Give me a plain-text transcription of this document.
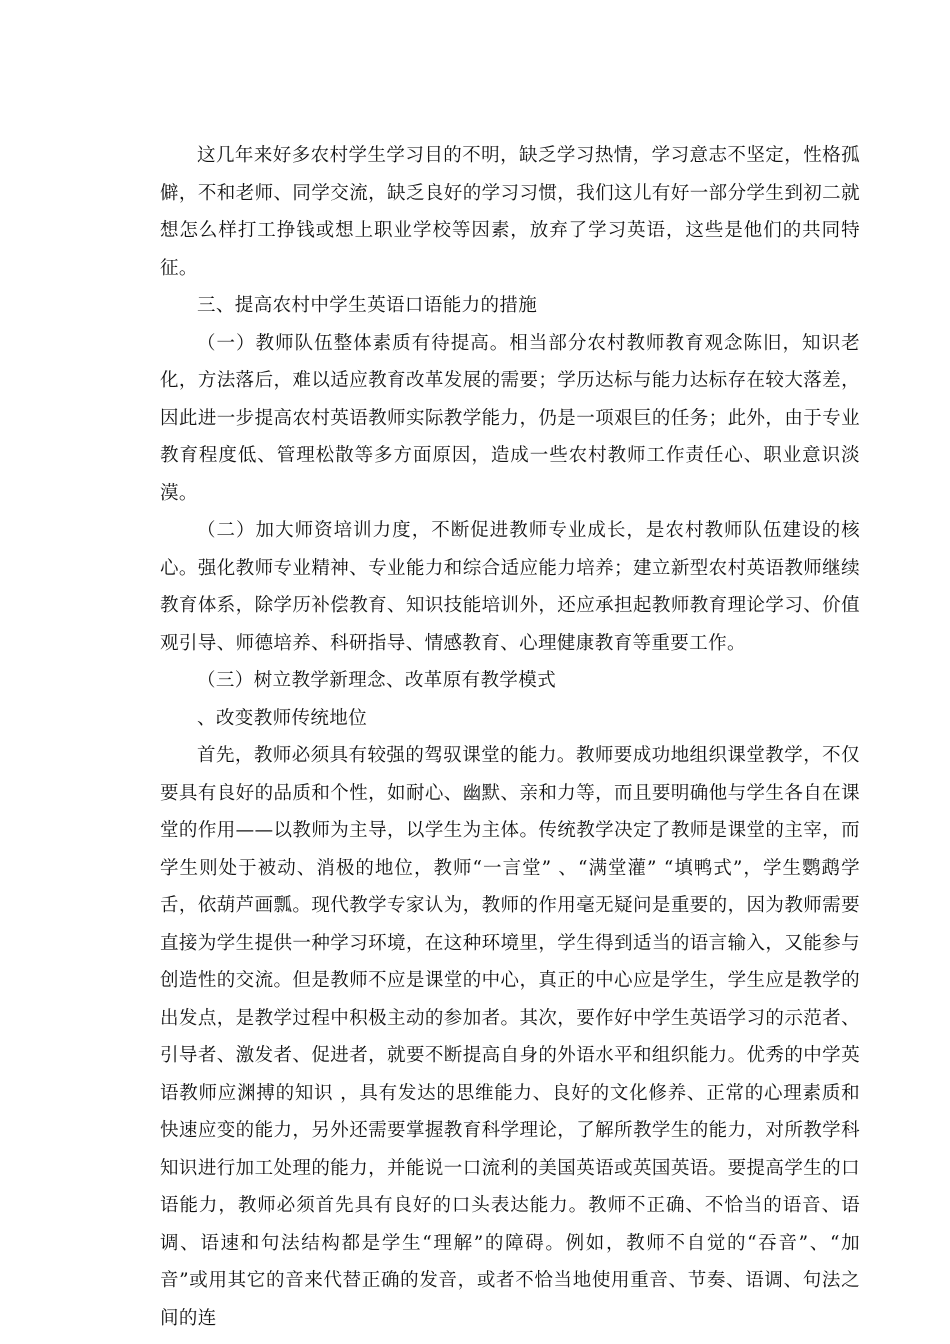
这几年来好多农村学生学习目的不明，缺乏学习热情，学习意志不坚定，性格孤僻，不和老师、同学交流，缺乏良好的学习习惯，我们这儿有好一部分学生到初二就想怎么样打工挣钱或想上职业学校等因素，放弃了学习英语，这些是他们的共同特征。

三、提高农村中学生英语口语能力的措施

（一）教师队伍整体素质有待提高。相当部分农村教师教育观念陈旧，知识老化，方法落后，难以适应教育改革发展的需要；学历达标与能力达标存在较大落差，因此进一步提高农村英语教师实际教学能力，仍是一项艰巨的任务；此外，由于专业教育程度低、管理松散等多方面原因，造成一些农村教师工作责任心、职业意识淡漠。

（二）加大师资培训力度，不断促进教师专业成长，是农村教师队伍建设的核心。强化教师专业精神、专业能力和综合适应能力培养；建立新型农村英语教师继续教育体系，除学历补偿教育、知识技能培训外，还应承担起教师教育理论学习、价值观引导、师德培养、科研指导、情感教育、心理健康教育等重要工作。

（三）树立教学新理念、改革原有教学模式

、改变教师传统地位

首先，教师必须具有较强的驾驭课堂的能力。教师要成功地组织课堂教学，不仅要具有良好的品质和个性，如耐心、幽默、亲和力等，而且要明确他与学生各自在课堂的作用——以教师为主导，以学生为主体。传统教学决定了教师是课堂的主宰，而学生则处于被动、消极的地位，教师“一言堂” 、“满堂灌” “填鸭式”，学生鹦鹉学舌，依葫芦画瓢。现代教学专家认为，教师的作用毫无疑问是重要的，因为教师需要直接为学生提供一种学习环境，在这种环境里，学生得到适当的语言输入，又能参与创造性的交流。但是教师不应是课堂的中心，真正的中心应是学生，学生应是教学的出发点，是教学过程中积极主动的参加者。其次，要作好中学生英语学习的示范者、引导者、激发者、促进者，就要不断提高自身的外语水平和组织能力。优秀的中学英语教师应渊搏的知识 ，具有发达的思维能力、良好的文化修养、正常的心理素质和快速应变的能力，另外还需要掌握教育科学理论，了解所教学生的能力，对所教学科知识进行加工处理的能力，并能说一口流利的美国英语或英国英语。要提高学生的口语能力，教师必须首先具有良好的口头表达能力。教师不正确、不恰当的语音、语调、语速和句法结构都是学生“理解”的障碍。例如，教师不自觉的“吞音”、“加音”或用其它的音来代替正确的发音，或者不恰当地使用重音、节奏、语调、句法之间的连
